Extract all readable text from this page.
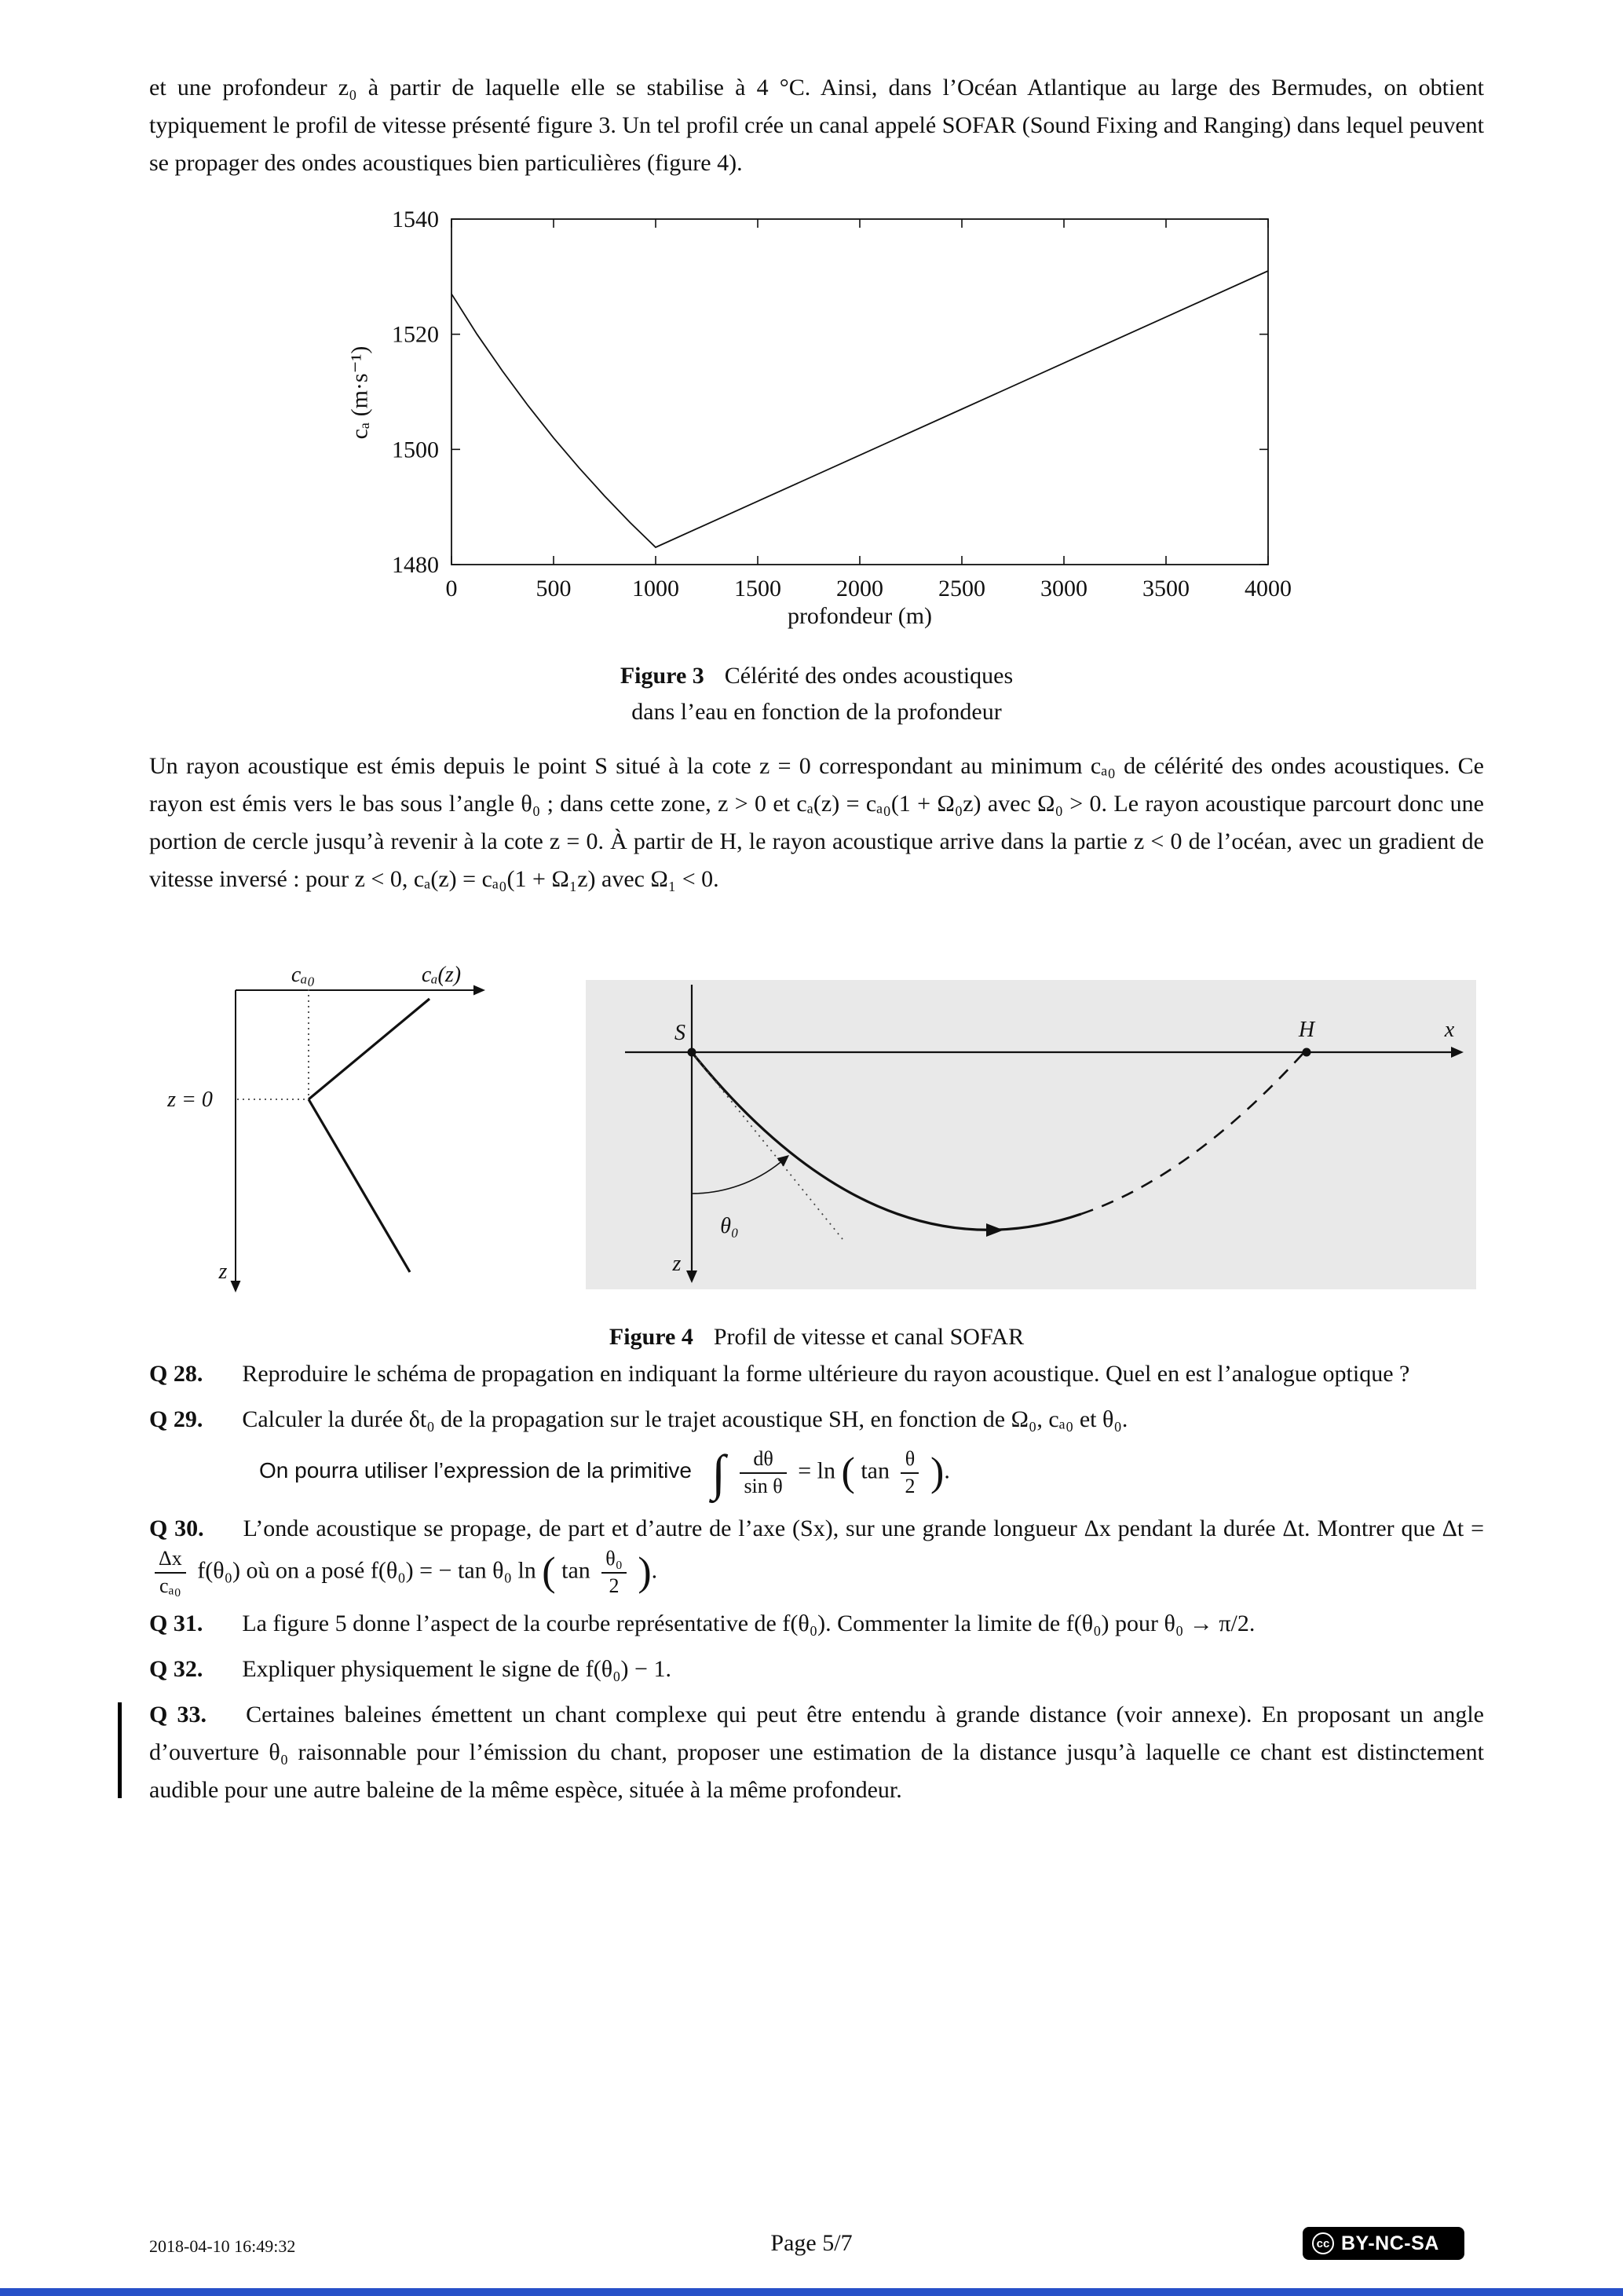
et une profondeur z₀ à partir de laquelle elle se stabilise à 4 °C. Ainsi, dans l’Océan Atlantique au large des Bermudes, on obtient typiquement le profil de vitesse présenté figure 3. Un tel profil crée un canal appelé SOFAR (Sound Fixing and Ranging) dans lequel peuvent se propager des ondes acoustiques bien particulières (figure 4).

0	500	1000 1500 2000 2500 3000 3500 4000
1480
1500
1520
1540
cₐ (m·s⁻¹)
profondeur (m)
Figure 3 Célérité des ondes acoustiques
dans l’eau en fonction de la profondeur

Un rayon acoustique est émis depuis le point S situé à la cote z = 0 correspondant au minimum cₐ₀ de célérité des ondes acoustiques. Ce rayon est émis vers le bas sous l’angle θ₀ ; dans cette zone, z > 0 et cₐ(z) = cₐ₀(1 + Ω₀z) avec Ω₀ > 0. Le rayon acoustique parcourt donc une portion de cercle jusqu’à revenir à la cote z = 0. À partir de H, le rayon acoustique arrive dans la partie z < 0 de l’océan, avec un gradient de vitesse inversé : pour z < 0, cₐ(z) = cₐ₀(1 + Ω₁z) avec Ω₁ < 0.

cₐ₀	cₐ(z)
z = 0
z
S	H	x
z
θ₀
Figure 4 Profil de vitesse et canal SOFAR

Q 28. Reproduire le schéma de propagation en indiquant la forme ultérieure du rayon acoustique. Quel en est l’analogue optique ?

Q 29. Calculer la durée δt₀ de la propagation sur le trajet acoustique SH, en fonction de Ω₀, cₐ₀ et θ₀.

On pourra utiliser l’expression de la primitive ∫ $\frac{d\theta}{\text{sin θ}} = \ln$ ( $\tan \frac{\theta}{2}$ ).

Q 30. L’onde acoustique se propage, de part et d’autre de l’axe (Sx), sur une grande longueur Δx pendant la durée Δt. Montrer que Δt =
$\frac{\Delta x}{\text{cₐ₀}} f(\theta_0)$ où on a posé f(θ₀) = − tan θ₀ ln ( $\tan \frac{\text{θ₀}}{2}$ ).

Q 31. La figure 5 donne l’aspect de la courbe représentative de f(θ₀). Commenter la limite de f(θ₀) pour θ₀ → π/2.

Q 32. Expliquer physiquement le signe de f(θ₀) − 1.

Q 33. Certaines baleines émettent un chant complexe qui peut être entendu à grande distance (voir annexe). En proposant un angle d’ouverture θ₀ raisonnable pour l’émission du chant, proposer une estimation de la distance jusqu’à laquelle ce chant est distinctement audible pour une autre baleine de la même espèce, située à la même profondeur.

2018-04-10 16:49:32	Page 5/7	cc BY-NC-SA
